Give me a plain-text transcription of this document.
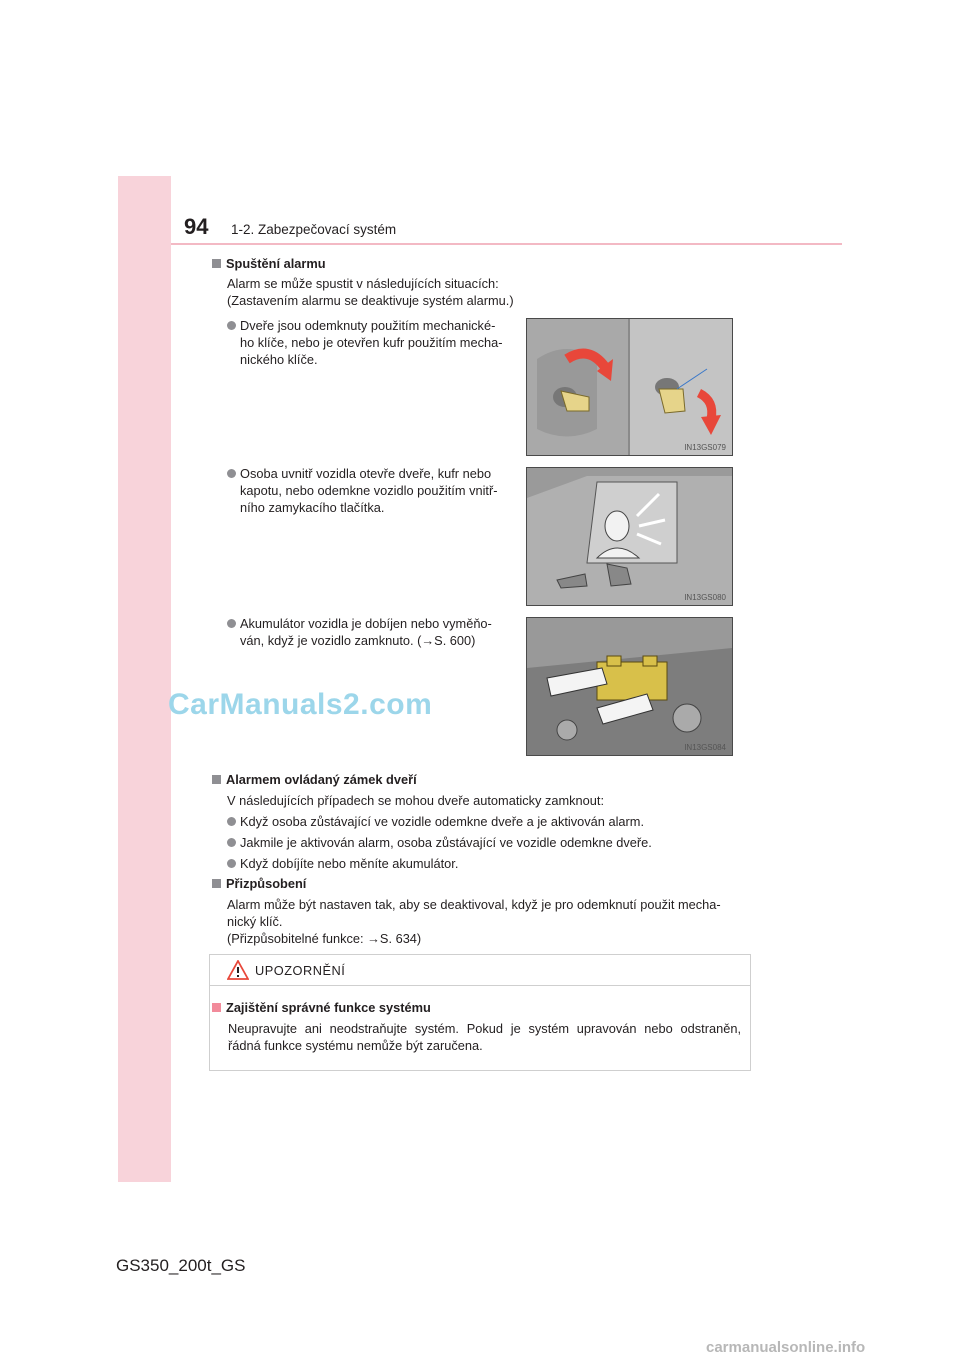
94 1-2. Zabezpečovací systém
Spuštění alarmu
Alarm se může spustit v následujících situacích:
(Zastavením alarmu se deaktivuje systém alarmu.)
Dveře jsou odemknuty použitím mechanické-
ho klíče, nebo je otevřen kufr použitím mecha-
nického klíče.
IN13GS079
Osoba uvnitř vozidla otevře dveře, kufr nebo
kapotu, nebo odemkne vozidlo použitím vnitř-
ního zamykacího tlačítka.
IN13GS080
Akumulátor vozidla je dobíjen nebo vyměňo-
ván, když je vozidlo zamknuto. (→S. 600)
IN13GS084
CarManuals2.com
Alarmem ovládaný zámek dveří
V následujících případech se mohou dveře automaticky zamknout:
Když osoba zůstávající ve vozidle odemkne dveře a je aktivován alarm.
Jakmile je aktivován alarm, osoba zůstávající ve vozidle odemkne dveře.
Když dobíjíte nebo měníte akumulátor.
Přizpůsobení
Alarm může být nastaven tak, aby se deaktivoval, když je pro odemknutí použit mecha-
nický klíč.
(Přizpůsobitelné funkce: →S. 634)
UPOZORNĚNÍ
Zajištění správné funkce systému
Neupravujte ani neodstraňujte systém. Pokud je systém upravován nebo odstraněn,
řádná funkce systému nemůže být zaručena.
GS350_200t_GS
carmanualsonline.info
